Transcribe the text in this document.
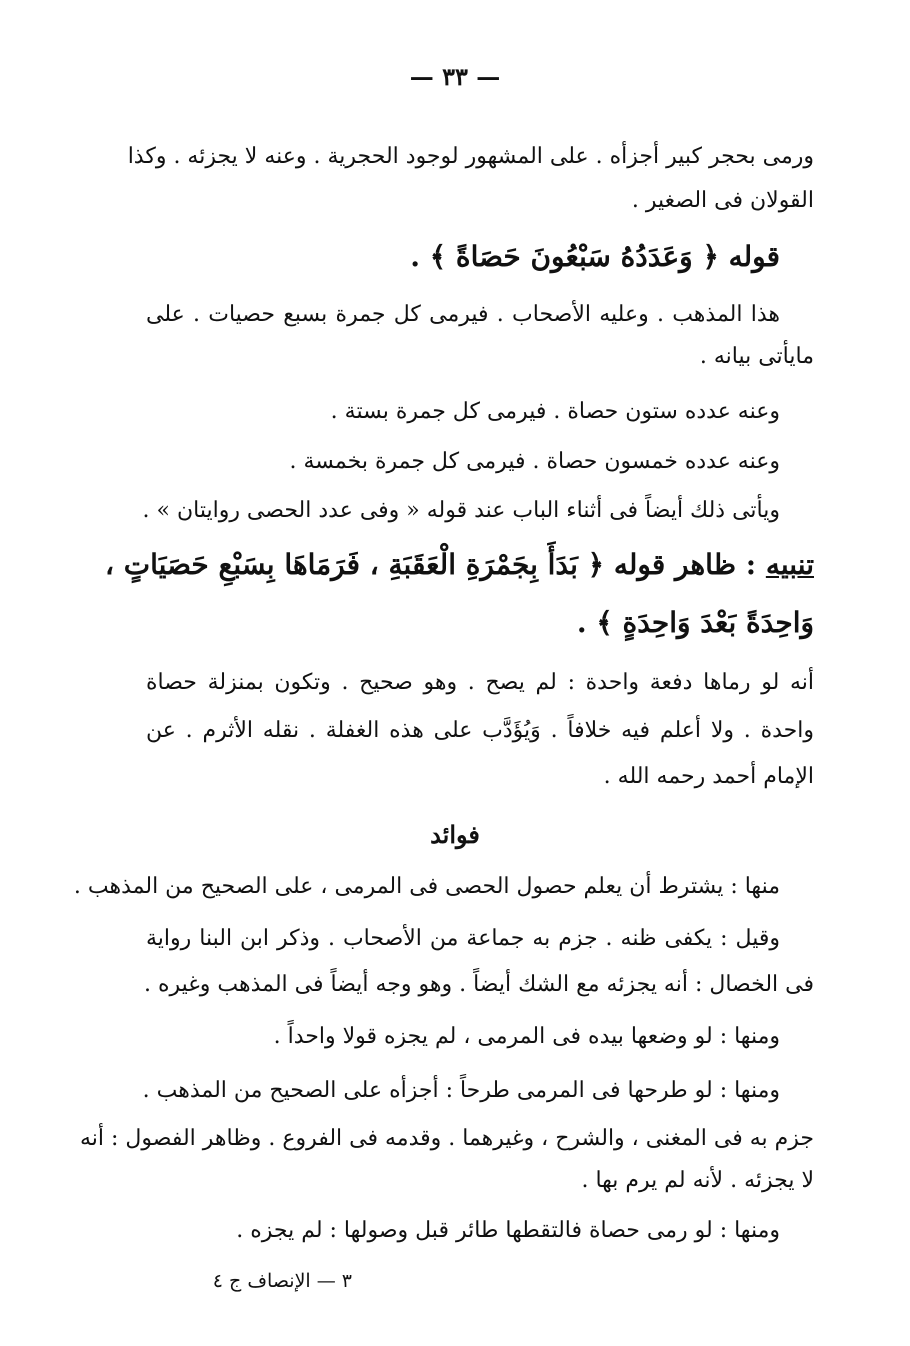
— ٣٣ —
ورمى بحجر كبير أجزأه . على المشهور لوجود الحجرية . وعنه لا يجزئه . وكذا
القولان فى الصغير .
قوله ﴿ وَعَدَدُهُ سَبْعُونَ حَصَاةً ﴾ .
هذا المذهب . وعليه الأصحاب . فيرمى كل جمرة بسبع حصيات . على
مايأتى بيانه .
وعنه عدده ستون حصاة . فيرمى كل جمرة بستة .
وعنه عدده خمسون حصاة . فيرمى كل جمرة بخمسة .
ويأتى ذلك أيضاً فى أثناء الباب عند قوله « وفى عدد الحصى روايتان » .
تنبيه : ظاهر قوله ﴿ بَدَأَ بِجَمْرَةِ الْعَقَبَةِ ، فَرَمَاهَا بِسَبْعِ حَصَيَاتٍ ،
وَاحِدَةً بَعْدَ وَاحِدَةٍ ﴾ .
أنه لو رماها دفعة واحدة : لم يصح . وهو صحيح . وتكون بمنزلة حصاة
واحدة . ولا أعلم فيه خلافاً . وَيُؤَدَّب على هذه الغفلة . نقله الأثرم . عن
الإمام أحمد رحمه الله .
فوائد
منها : يشترط أن يعلم حصول الحصى فى المرمى ، على الصحيح من المذهب .
وقيل : يكفى ظنه . جزم به جماعة من الأصحاب . وذكر ابن البنا رواية
فى الخصال : أنه يجزئه مع الشك أيضاً . وهو وجه أيضاً فى المذهب وغيره .
ومنها : لو وضعها بيده فى المرمى ، لم يجزه قولا واحداً .
ومنها : لو طرحها فى المرمى طرحاً : أجزأه على الصحيح من المذهب .
جزم به فى المغنى ، والشرح ، وغيرهما . وقدمه فى الفروع . وظاهر الفصول : أنه
لا يجزئه . لأنه لم يرم بها .
ومنها : لو رمى حصاة فالتقطها طائر قبل وصولها : لم يجزه .
٣ — الإنصاف ج ٤
